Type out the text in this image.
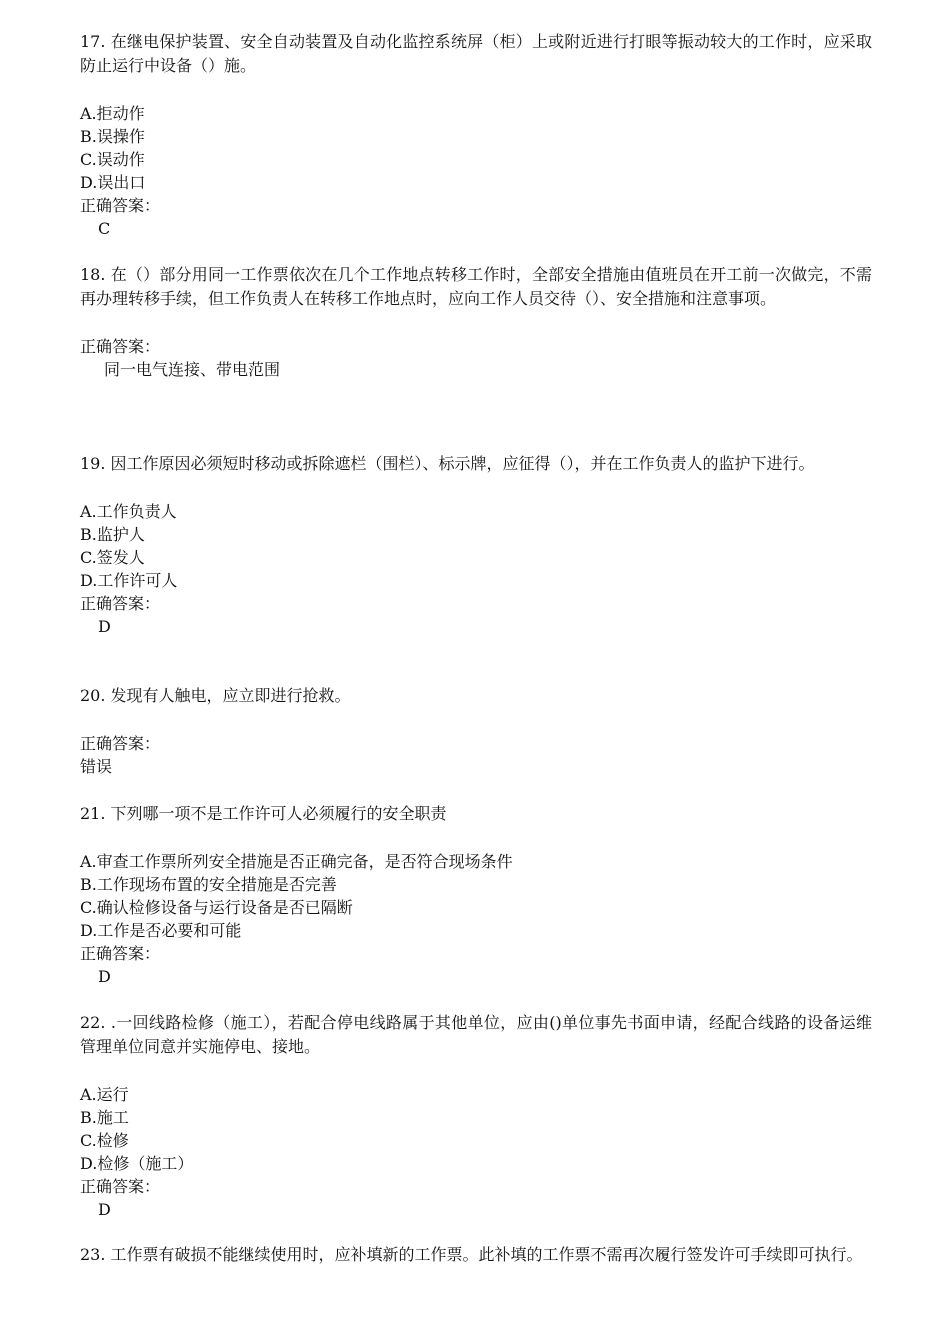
17. 在继电保护装置、安全自动装置及自动化监控系统屏（柜）上或附近进行打眼等振动较大的工作时，应采取防止运行中设备（）施。
A.拒动作
B.误操作
C.误动作
D.误出口
正确答案：
C
18. 在（）部分用同一工作票依次在几个工作地点转移工作时，全部安全措施由值班员在开工前一次做完，不需再办理转移手续，但工作负责人在转移工作地点时，应向工作人员交待（）、安全措施和注意事项。
正确答案：
同一电气连接、带电范围
19. 因工作原因必须短时移动或拆除遮栏（围栏）、标示牌，应征得（），并在工作负责人的监护下进行。
A.工作负责人
B.监护人
C.签发人
D.工作许可人
正确答案：
D
20. 发现有人触电，应立即进行抢救。
正确答案：
错误
21. 下列哪一项不是工作许可人必须履行的安全职责
A.审查工作票所列安全措施是否正确完备，是否符合现场条件
B.工作现场布置的安全措施是否完善
C.确认检修设备与运行设备是否已隔断
D.工作是否必要和可能
正确答案：
D
22. .一回线路检修（施工），若配合停电线路属于其他单位，应由()单位事先书面申请，经配合线路的设备运维管理单位同意并实施停电、接地。
A.运行
B.施工
C.检修
D.检修（施工）
正确答案：
D
23. 工作票有破损不能继续使用时，应补填新的工作票。此补填的工作票不需再次履行签发许可手续即可执行。
